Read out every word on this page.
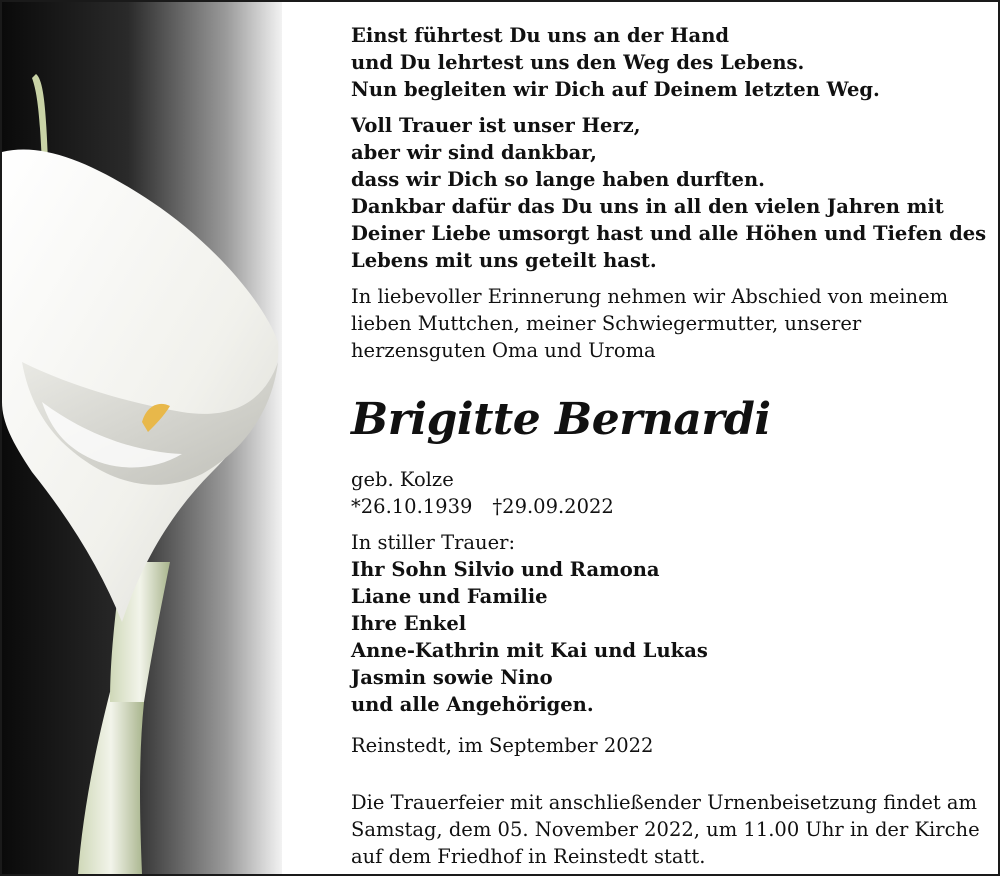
Einst führtest Du uns an der Hand
und Du lehrtest uns den Weg des Lebens.
Nun begleiten wir Dich auf Deinem letzten Weg.
Voll Trauer ist unser Herz,
aber wir sind dankbar,
dass wir Dich so lange haben durften.
Dankbar dafür das Du uns in all den vielen Jahren mit
Deiner Liebe umsorgt hast und alle Höhen und Tiefen des
Lebens mit uns geteilt hast.
In liebevoller Erinnerung nehmen wir Abschied von meinem
lieben Muttchen, meiner Schwiegermutter, unserer
herzensguten Oma und Uroma
Brigitte Bernardi
geb. Kolze
*26.10.1939 †29.09.2022
In stiller Trauer:
Ihr Sohn Silvio und Ramona
Liane und Familie
Ihre Enkel
Anne-Kathrin mit Kai und Lukas
Jasmin sowie Nino
und alle Angehörigen.
Reinstedt, im September 2022
Die Trauerfeier mit anschließender Urnenbeisetzung findet am
Samstag, dem 05. November 2022, um 11.00 Uhr in der Kirche
auf dem Friedhof in Reinstedt statt.
